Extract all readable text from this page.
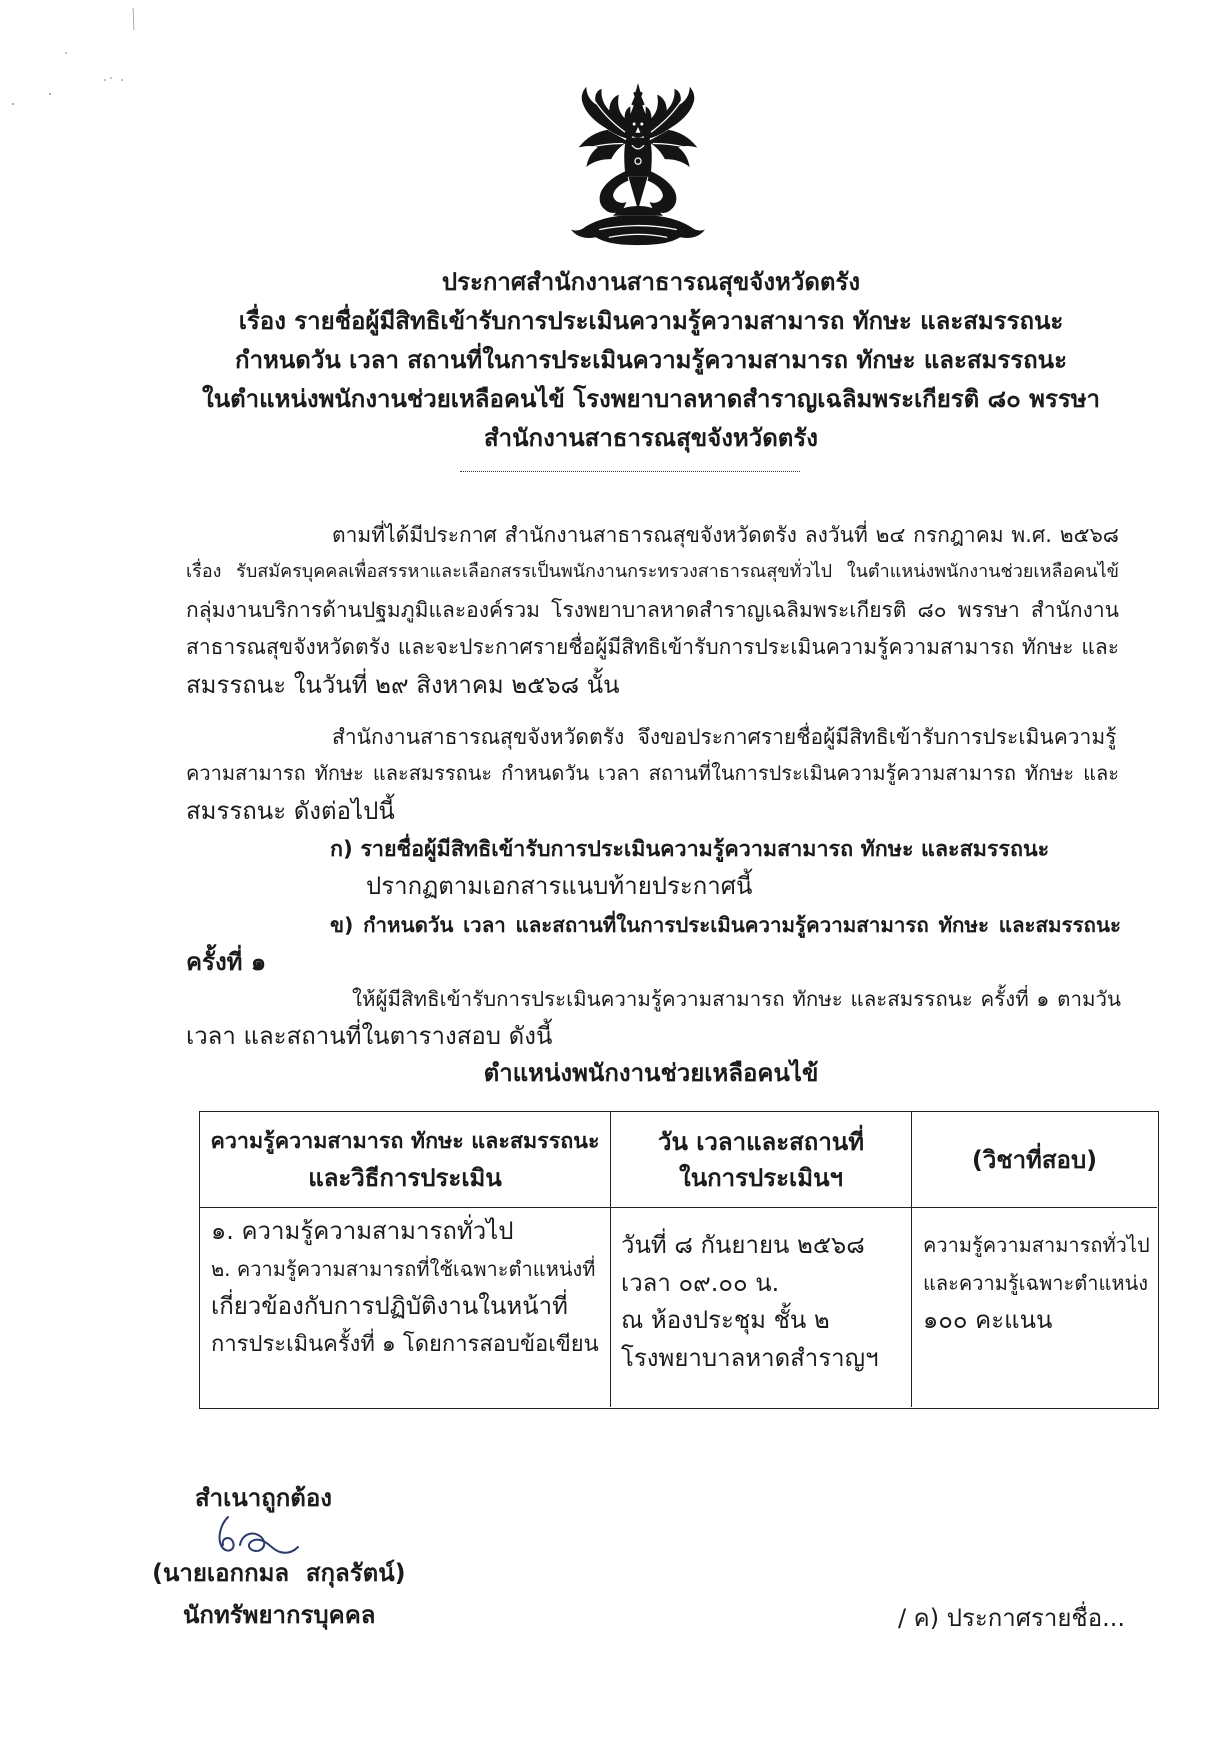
ประกาศสำนักงานสาธารณสุขจังหวัดตรัง
เรื่อง รายชื่อผู้มีสิทธิเข้ารับการประเมินความรู้ความสามารถ ทักษะ และสมรรถนะ
กำหนดวัน เวลา สถานที่ในการประเมินความรู้ความสามารถ ทักษะ และสมรรถนะ
ในตำแหน่งพนักงานช่วยเหลือคนไข้ โรงพยาบาลหาดสำราญเฉลิมพระเกียรติ ๘๐ พรรษา
สำนักงานสาธารณสุขจังหวัดตรัง
ตามที่ได้มีประกาศ สำนักงานสาธารณสุขจังหวัดตรัง ลงวันที่ ๒๔ กรกฎาคม พ.ศ. ๒๕๖๘
เรื่อง รับสมัครบุคคลเพื่อสรรหาและเลือกสรรเป็นพนักงานกระทรวงสาธารณสุขทั่วไป ในตำแหน่งพนักงานช่วยเหลือคนไข้
กลุ่มงานบริการด้านปฐมภูมิและองค์รวม โรงพยาบาลหาดสำราญเฉลิมพระเกียรติ ๘๐ พรรษา สำนักงาน
สาธารณสุขจังหวัดตรัง และจะประกาศรายชื่อผู้มีสิทธิเข้ารับการประเมินความรู้ความสามารถ ทักษะ และ
สมรรถนะ ในวันที่ ๒๙ สิงหาคม ๒๕๖๘ นั้น
สำนักงานสาธารณสุขจังหวัดตรัง  จึงขอประกาศรายชื่อผู้มีสิทธิเข้ารับการประเมินความรู้
ความสามารถ ทักษะ และสมรรถนะ กำหนดวัน เวลา สถานที่ในการประเมินความรู้ความสามารถ ทักษะ และ
สมรรถนะ ดังต่อไปนี้
ก) รายชื่อผู้มีสิทธิเข้ารับการประเมินความรู้ความสามารถ ทักษะ และสมรรถนะ
ปรากฏตามเอกสารแนบท้ายประกาศนี้
ข) กำหนดวัน เวลา และสถานที่ในการประเมินความรู้ความสามารถ ทักษะ และสมรรถนะ
ครั้งที่ ๑
ให้ผู้มีสิทธิเข้ารับการประเมินความรู้ความสามารถ ทักษะ และสมรรถนะ ครั้งที่ ๑ ตามวัน
เวลา และสถานที่ในตารางสอบ ดังนี้
ตำแหน่งพนักงานช่วยเหลือคนไข้
ความรู้ความสามารถ ทักษะ และสมรรถนะ
และวิธีการประเมิน
วัน เวลาและสถานที่
ในการประเมินฯ
(วิชาที่สอบ)
๑. ความรู้ความสามารถทั่วไป
๒. ความรู้ความสามารถที่ใช้เฉพาะตำแหน่งที่
เกี่ยวข้องกับการปฏิบัติงานในหน้าที่
การประเมินครั้งที่ ๑ โดยการสอบข้อเขียน
วันที่ ๘ กันยายน ๒๕๖๘
เวลา ๐๙.๐๐ น.
ณ ห้องประชุม ชั้น ๒
โรงพยาบาลหาดสำราญฯ
ความรู้ความสามารถทั่วไป
และความรู้เฉพาะตำแหน่ง
๑๐๐ คะแนน
สำเนาถูกต้อง
(นายเอกกมล  สกุลรัตน์)
นักทรัพยากรบุคคล	/ ค) ประกาศรายชื่อ...
